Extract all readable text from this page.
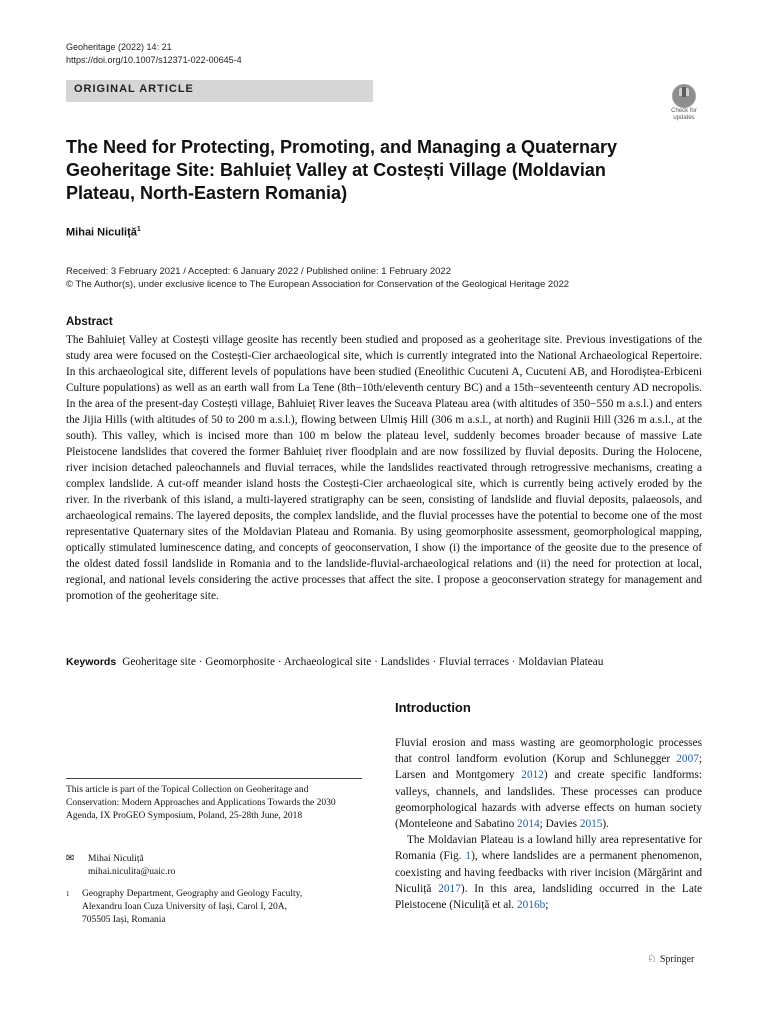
Geoheritage (2022) 14: 21
https://doi.org/10.1007/s12371-022-00645-4
ORIGINAL ARTICLE
Check for
updates
The Need for Protecting, Promoting, and Managing a Quaternary Geoheritage Site: Bahluieț Valley at Costești Village (Moldavian Plateau, North-Eastern Romania)
Mihai Niculiță$^1$
Received: 3 February 2021 / Accepted: 6 January 2022 / Published online: 1 February 2022
© The Author(s), under exclusive licence to The European Association for Conservation of the Geological Heritage 2022
Abstract
The Bahluieț Valley at Costești village geosite has recently been studied and proposed as a geoheritage site. Previous investigations of the study area were focused on the Costești-Cier archaeological site, which is currently integrated into the National Archaeological Repertoire. In this archaeological site, different levels of populations have been studied (Eneolithic Cucuteni A, Cucuteni AB, and Horodiștea-Erbiceni Culture populations) as well as an earth wall from La Tene (8th−10th/eleventh century BC) and a 15th−seventeenth century AD necropolis. In the area of the present-day Costești village, Bahluieț River leaves the Suceava Plateau area (with altitudes of 350−550 m a.s.l.) and enters the Jijia Hills (with altitudes of 50 to 200 m a.s.l.), flowing between Ulmiș Hill (306 m a.s.l., at north) and Ruginii Hill (326 m a.s.l., at the south). This valley, which is incised more than 100 m below the plateau level, suddenly becomes broader because of massive Late Pleistocene landslides that covered the former Bahluieț river floodplain and are now fossilized by fluvial deposits. During the Holocene, river incision detached paleochannels and fluvial terraces, while the landslides reactivated through retrogressive mechanisms, creating a complex landslide. A cut-off meander island hosts the Costești-Cier archaeological site, which is currently being actively eroded by the river. In the riverbank of this island, a multi-layered stratigraphy can be seen, consisting of landslide and fluvial deposits, palaeosols, and archaeological remains. The layered deposits, the complex landslide, and the fluvial processes have the potential to become one of the most representative Quaternary sites of the Moldavian Plateau and Romania. By using geomorphosite assessment, geomorphological mapping, optically stimulated luminescence dating, and concepts of geoconservation, I show (i) the importance of the geosite due to the presence of the oldest dated fossil landslide in Romania and to the landslide-fluvial-archaeological relations and (ii) the need for protection at local, regional, and national levels considering the active processes that affect the site. I propose a geoconservation strategy for management and promotion of the geoheritage site.
Keywords Geoheritage site · Geomorphosite · Archaeological site · Landslides · Fluvial terraces · Moldavian Plateau
Introduction

Fluvial erosion and mass wasting are geomorphologic processes that control landform evolution (Korup and Schlunegger 2007; Larsen and Montgomery 2012) and create specific landforms: valleys, channels, and landslides. These processes can produce geomorphological hazards with adverse effects on human society (Monteleone and Sabatino 2014; Davies 2015).

The Moldavian Plateau is a lowland hilly area representative for Romania (Fig. 1), where landslides are a permanent phenomenon, coexisting and having feedbacks with river incision (Mărgărint and Niculiță 2017). In this area, landsliding occurred in the Late Pleistocene (Niculiță et al. 2016b;

This article is part of the Topical Collection on Geoheritage and Conservation: Modern Approaches and Applications Towards the 2030 Agenda, IX ProGEO Symposium, Poland, 25-28th June, 2018
✉ Mihai Niculiță
mihai.niculita@uaic.ro
1	Geography Department, Geography and Geology Faculty,
Alexandru Ioan Cuza University of Iași, Carol I, 20A,
705505 Iași, Romania
♘ Springer
